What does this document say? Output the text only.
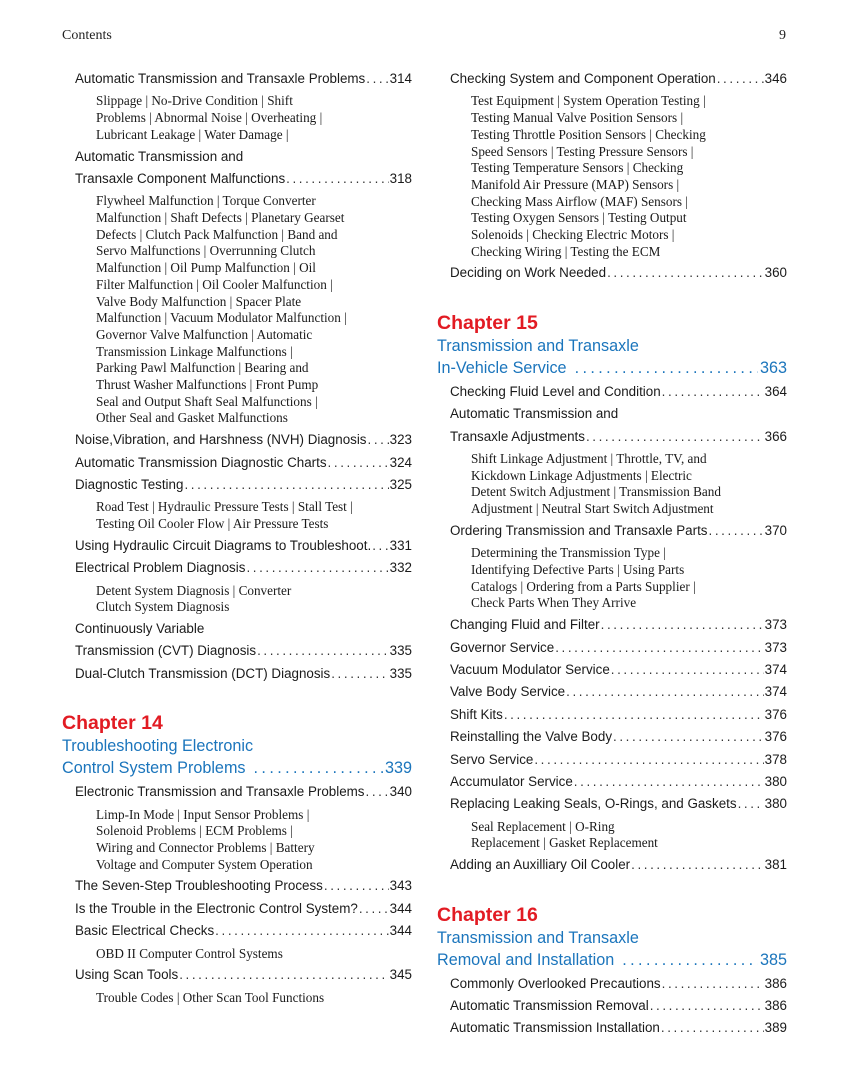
Contents	9
Automatic Transmission and Transaxle Problems ..... 314
Slippage | No-Drive Condition | Shift
Problems | Abnormal Noise | Overheating |
Lubricant Leakage | Water Damage |
Automatic Transmission and
Transaxle Component Malfunctions .....	318
Flywheel Malfunction | Torque Converter
Malfunction | Shaft Defects | Planetary Gearset
Defects | Clutch Pack Malfunction | Band and
Servo Malfunctions | Overrunning Clutch
Malfunction | Oil Pump Malfunction | Oil
Filter Malfunction | Oil Cooler Malfunction |
Valve Body Malfunction | Spacer Plate
Malfunction | Vacuum Modulator Malfunction |
Governor Valve Malfunction | Automatic
Transmission Linkage Malfunctions |
Parking Pawl Malfunction | Bearing and
Thrust Washer Malfunctions | Front Pump
Seal and Output Shaft Seal Malfunctions |
Other Seal and Gasket Malfunctions
Noise,Vibration, and Harshness (NVH) Diagnosis ..... 323
Automatic Transmission Diagnostic Charts .....	324
Diagnostic Testing .....	325
Road Test | Hydraulic Pressure Tests | Stall Test |
Testing Oil Cooler Flow | Air Pressure Tests
Using Hydraulic Circuit Diagrams to Troubleshoot. ..... 331
Electrical Problem Diagnosis .....	332
Detent System Diagnosis | Converter
Clutch System Diagnosis
Continuously Variable
Transmission (CVT) Diagnosis .....	335
Dual-Clutch Transmission (DCT) Diagnosis .....	335
Chapter 14
Troubleshooting Electronic
Control System Problems .....	339
Electronic Transmission and Transaxle Problems ..... 340
Limp-In Mode | Input Sensor Problems |
Solenoid Problems | ECM Problems |
Wiring and Connector Problems | Battery
Voltage and Computer System Operation
The Seven-Step Troubleshooting Process .....	343
Is the Trouble in the Electronic Control System? ..... 344
Basic Electrical Checks .....	344
OBD II Computer Control Systems
Using Scan Tools .....	345
Trouble Codes | Other Scan Tool Functions
Checking System and Component Operation .....	346
Test Equipment | System Operation Testing |
Testing Manual Valve Position Sensors |
Testing Throttle Position Sensors | Checking
Speed Sensors | Testing Pressure Sensors |
Testing Temperature Sensors | Checking
Manifold Air Pressure (MAP) Sensors |
Checking Mass Airflow (MAF) Sensors |
Testing Oxygen Sensors | Testing Output
Solenoids | Checking Electric Motors |
Checking Wiring | Testing the ECM
Deciding on Work Needed .....	360
Chapter 15
Transmission and Transaxle
In-Vehicle Service .....	363
Checking Fluid Level and Condition .....	364
Automatic Transmission and
Transaxle Adjustments .....	366
Shift Linkage Adjustment | Throttle, TV, and
Kickdown Linkage Adjustments | Electric
Detent Switch Adjustment | Transmission Band
Adjustment | Neutral Start Switch Adjustment
Ordering Transmission and Transaxle Parts .....	370
Determining the Transmission Type |
Identifying Defective Parts | Using Parts
Catalogs | Ordering from a Parts Supplier |
Check Parts When They Arrive
Changing Fluid and Filter .....	373
Governor Service .....	373
Vacuum Modulator Service .....	374
Valve Body Service .....	374
Shift Kits .....	376
Reinstalling the Valve Body .....	376
Servo Service .....	378
Accumulator Service .....	380
Replacing Leaking Seals, O-Rings, and Gaskets ..... 380
Seal Replacement | O-Ring
Replacement | Gasket Replacement
Adding an Auxilliary Oil Cooler .....	381
Chapter 16
Transmission and Transaxle
Removal and Installation .....	385
Commonly Overlooked Precautions .....	386
Automatic Transmission Removal .....	386
Automatic Transmission Installation .....	389
